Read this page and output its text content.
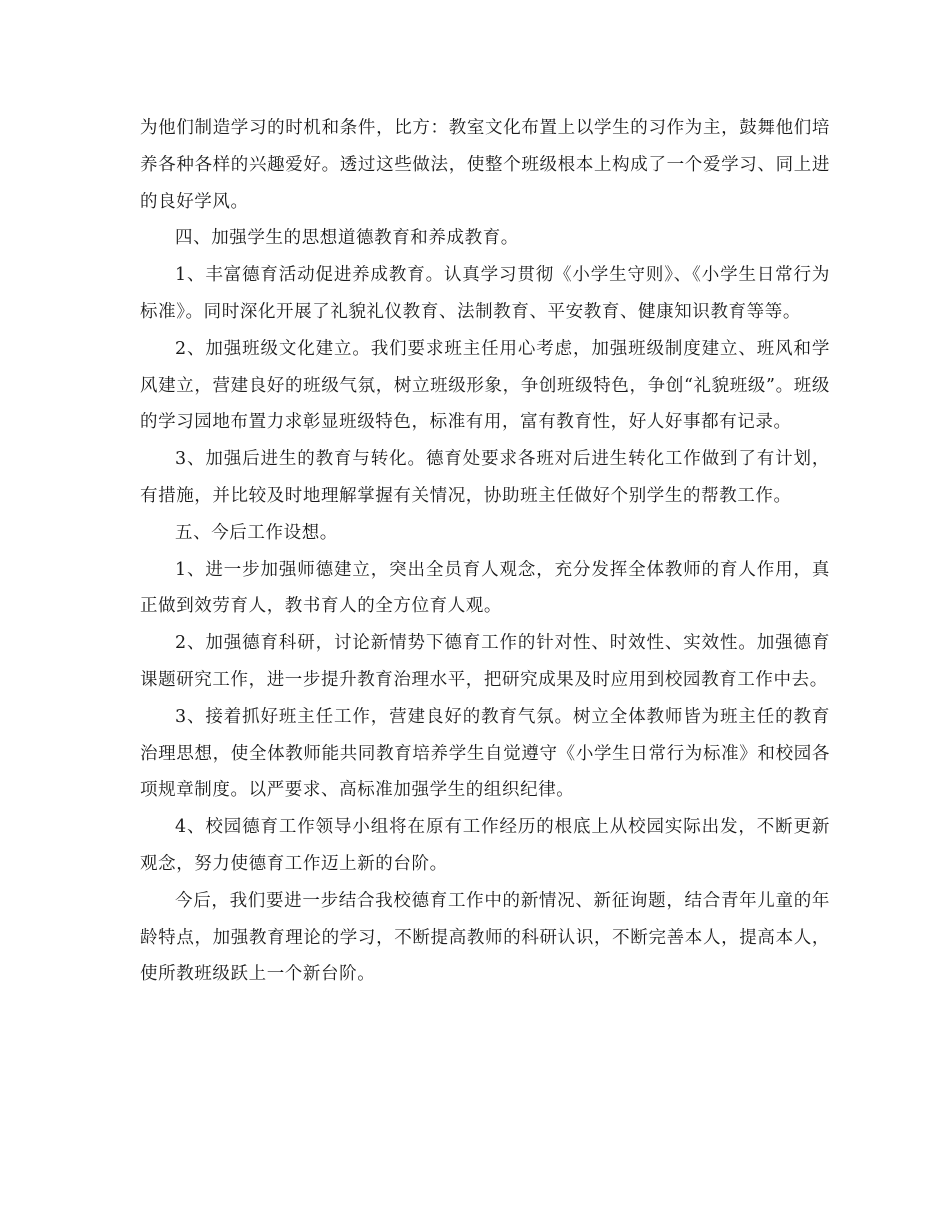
为他们制造学习的时机和条件，比方：教室文化布置上以学生的习作为主，鼓舞他们培养各种各样的兴趣爱好。透过这些做法，使整个班级根本上构成了一个爱学习、同上进的良好学风。

四、加强学生的思想道德教育和养成教育。

1、丰富德育活动促进养成教育。认真学习贯彻《小学生守则》、《小学生日常行为标准》。同时深化开展了礼貌礼仪教育、法制教育、平安教育、健康知识教育等等。

2、加强班级文化建立。我们要求班主任用心考虑，加强班级制度建立、班风和学风建立，营建良好的班级气氛，树立班级形象，争创班级特色，争创“礼貌班级”。班级的学习园地布置力求彰显班级特色，标准有用，富有教育性，好人好事都有记录。

3、加强后进生的教育与转化。德育处要求各班对后进生转化工作做到了有计划，有措施，并比较及时地理解掌握有关情况，协助班主任做好个别学生的帮教工作。

五、今后工作设想。

1、进一步加强师德建立，突出全员育人观念，充分发挥全体教师的育人作用，真正做到效劳育人，教书育人的全方位育人观。

2、加强德育科研，讨论新情势下德育工作的针对性、时效性、实效性。加强德育课题研究工作，进一步提升教育治理水平，把研究成果及时应用到校园教育工作中去。

3、接着抓好班主任工作，营建良好的教育气氛。树立全体教师皆为班主任的教育治理思想，使全体教师能共同教育培养学生自觉遵守《小学生日常行为标准》和校园各项规章制度。以严要求、高标准加强学生的组织纪律。

4、校园德育工作领导小组将在原有工作经历的根底上从校园实际出发，不断更新观念，努力使德育工作迈上新的台阶。

今后，我们要进一步结合我校德育工作中的新情况、新征询题，结合青年儿童的年龄特点，加强教育理论的学习，不断提高教师的科研认识，不断完善本人，提高本人，使所教班级跃上一个新台阶。
